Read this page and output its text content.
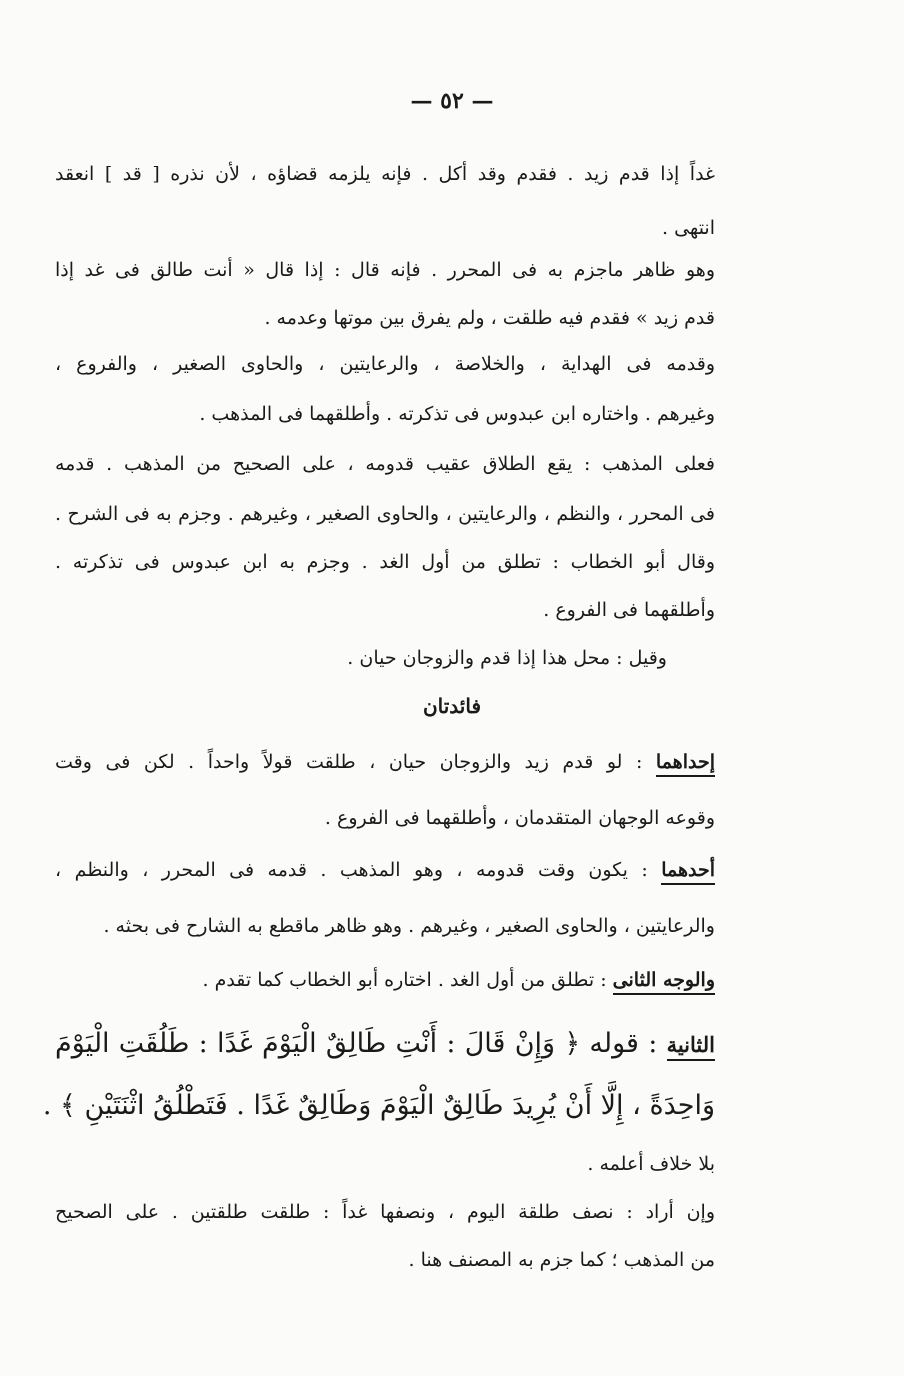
— ٥٢ —
غداً إذا قدم زيد . فقدم وقد أكل . فإنه يلزمه قضاؤه ، لأن نذره [ قد ] انعقد
انتهى .
وهو ظاهر ماجزم به فى المحرر . فإنه قال : إذا قال « أنت طالق فى غد إذا
قدم زيد » فقدم فيه طلقت ، ولم يفرق بين موتها وعدمه .
وقدمه فى الهداية ، والخلاصة ، والرعايتين ، والحاوى الصغير ، والفروع ،
وغيرهم . واختاره ابن عبدوس فى تذكرته . وأطلقهما فى المذهب .
فعلى المذهب : يقع الطلاق عقيب قدومه ، على الصحيح من المذهب . قدمه
فى المحرر ، والنظم ، والرعايتين ، والحاوى الصغير ، وغيرهم . وجزم به فى الشرح .
وقال أبو الخطاب : تطلق من أول الغد . وجزم به ابن عبدوس فى تذكرته .
وأطلقهما فى الفروع .
وقيل : محل هذا إذا قدم والزوجان حيان .
فائدتان
إحداهما : لو قدم زيد والزوجان حيان ، طلقت قولاً واحداً . لكن فى وقت
وقوعه الوجهان المتقدمان ، وأطلقهما فى الفروع .
أحدهما : يكون وقت قدومه ، وهو المذهب . قدمه فى المحرر ، والنظم ،
والرعايتين ، والحاوى الصغير ، وغيرهم . وهو ظاهر ماقطع به الشارح فى بحثه .
والوجه الثانى : تطلق من أول الغد . اختاره أبو الخطاب كما تقدم .
الثانية : قوله ﴿ وَإِنْ قَالَ : أَنْتِ طَالِقٌ الْيَوْمَ غَدًا : طَلُقَتِ الْيَوْمَ
وَاحِدَةً ، إِلَّا أَنْ يُرِيدَ طَالِقٌ الْيَوْمَ وَطَالِقٌ غَدًا . فَتَطْلُقُ اثْنَتَيْنِ ﴾ .
بلا خلاف أعلمه .
وإن أراد : نصف طلقة اليوم ، ونصفها غداً : طلقت طلقتين . على الصحيح
من المذهب ؛ كما جزم به المصنف هنا .
